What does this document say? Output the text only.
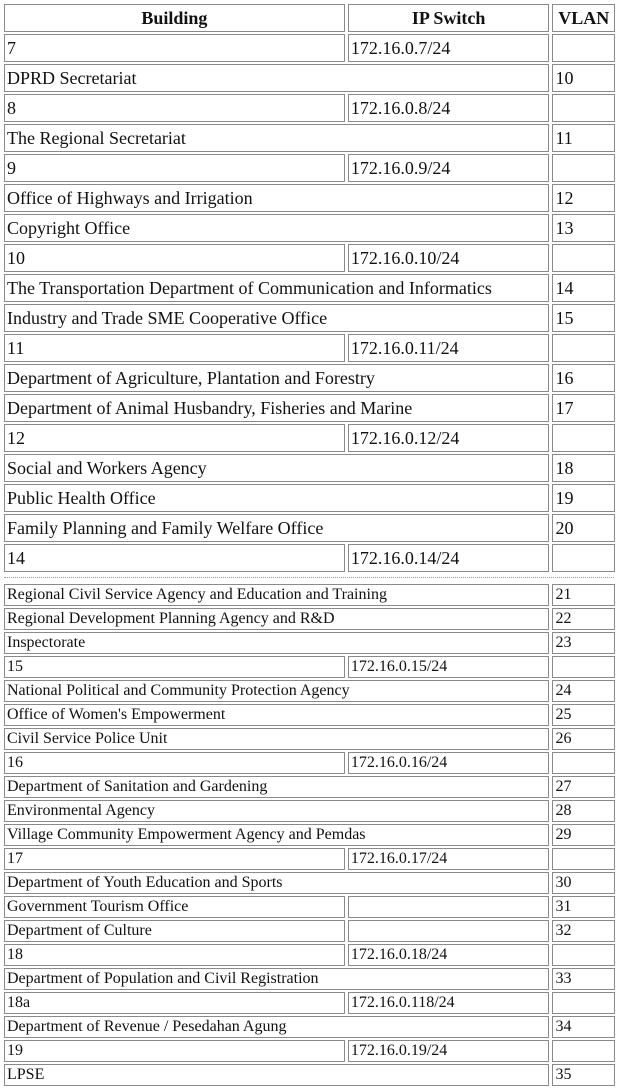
Building	IP Switch	VLAN
7	172.16.0.7/24	
DPRD Secretariat		10
8	172.16.0.8/24	
The Regional Secretariat		11
9	172.16.0.9/24	
Office of Highways and Irrigation		12
Copyright Office		13
10	172.16.0.10/24	
The Transportation Department of Communication and Informatics		14
Industry and Trade SME Cooperative Office		15
11	172.16.0.11/24	
Department of Agriculture, Plantation and Forestry		16
Department of Animal Husbandry, Fisheries and Marine		17
12	172.16.0.12/24	
Social and Workers Agency		18
Public Health Office		19
Family Planning and Family Welfare Office		20
14	172.16.0.14/24	
Regional Civil Service Agency and Education and Training		21
Regional Development Planning Agency and R&D		22
Inspectorate		23
15	172.16.0.15/24	
National Political and Community Protection Agency		24
Office of Women's Empowerment		25
Civil Service Police Unit		26
16	172.16.0.16/24	
Department of Sanitation and Gardening		27
Environmental Agency		28
Village Community Empowerment Agency and Pemdas		29
17	172.16.0.17/24	
Department of Youth Education and Sports		30
Government Tourism Office		31
Department of Culture		32
18	172.16.0.18/24	
Department of Population and Civil Registration		33
18a	172.16.0.118/24	
Department of Revenue / Pesedahan Agung		34
19	172.16.0.19/24	
LPSE		35
